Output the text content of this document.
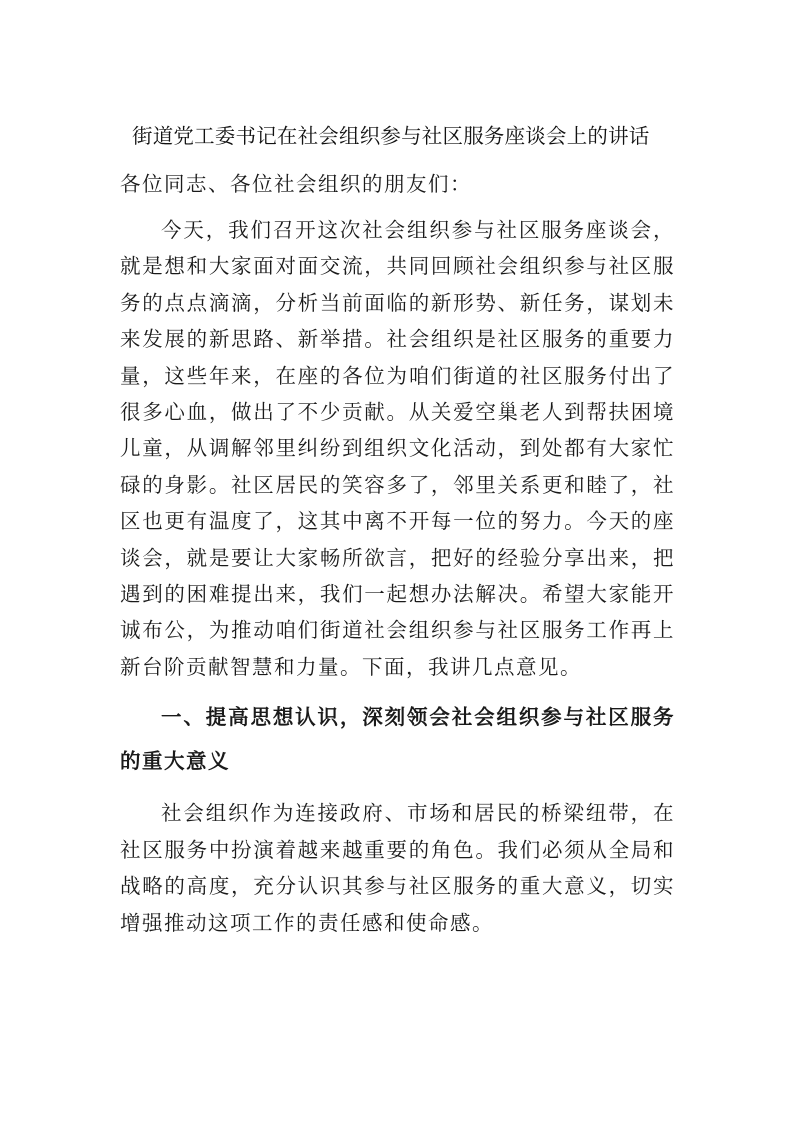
街道党工委书记在社会组织参与社区服务座谈会上的讲话

各位同志、各位社会组织的朋友们：

今天，我们召开这次社会组织参与社区服务座谈会，就是想和大家面对面交流，共同回顾社会组织参与社区服务的点点滴滴，分析当前面临的新形势、新任务，谋划未来发展的新思路、新举措。社会组织是社区服务的重要力量，这些年来，在座的各位为咱们街道的社区服务付出了很多心血，做出了不少贡献。从关爱空巢老人到帮扶困境儿童，从调解邻里纠纷到组织文化活动，到处都有大家忙碌的身影。社区居民的笑容多了，邻里关系更和睦了，社区也更有温度了，这其中离不开每一位的努力。今天的座谈会，就是要让大家畅所欲言，把好的经验分享出来，把遇到的困难提出来，我们一起想办法解决。希望大家能开诚布公，为推动咱们街道社会组织参与社区服务工作再上新台阶贡献智慧和力量。下面，我讲几点意见。

一、提高思想认识，深刻领会社会组织参与社区服务的重大意义

社会组织作为连接政府、市场和居民的桥梁纽带，在社区服务中扮演着越来越重要的角色。我们必须从全局和战略的高度，充分认识其参与社区服务的重大意义，切实增强推动这项工作的责任感和使命感。
